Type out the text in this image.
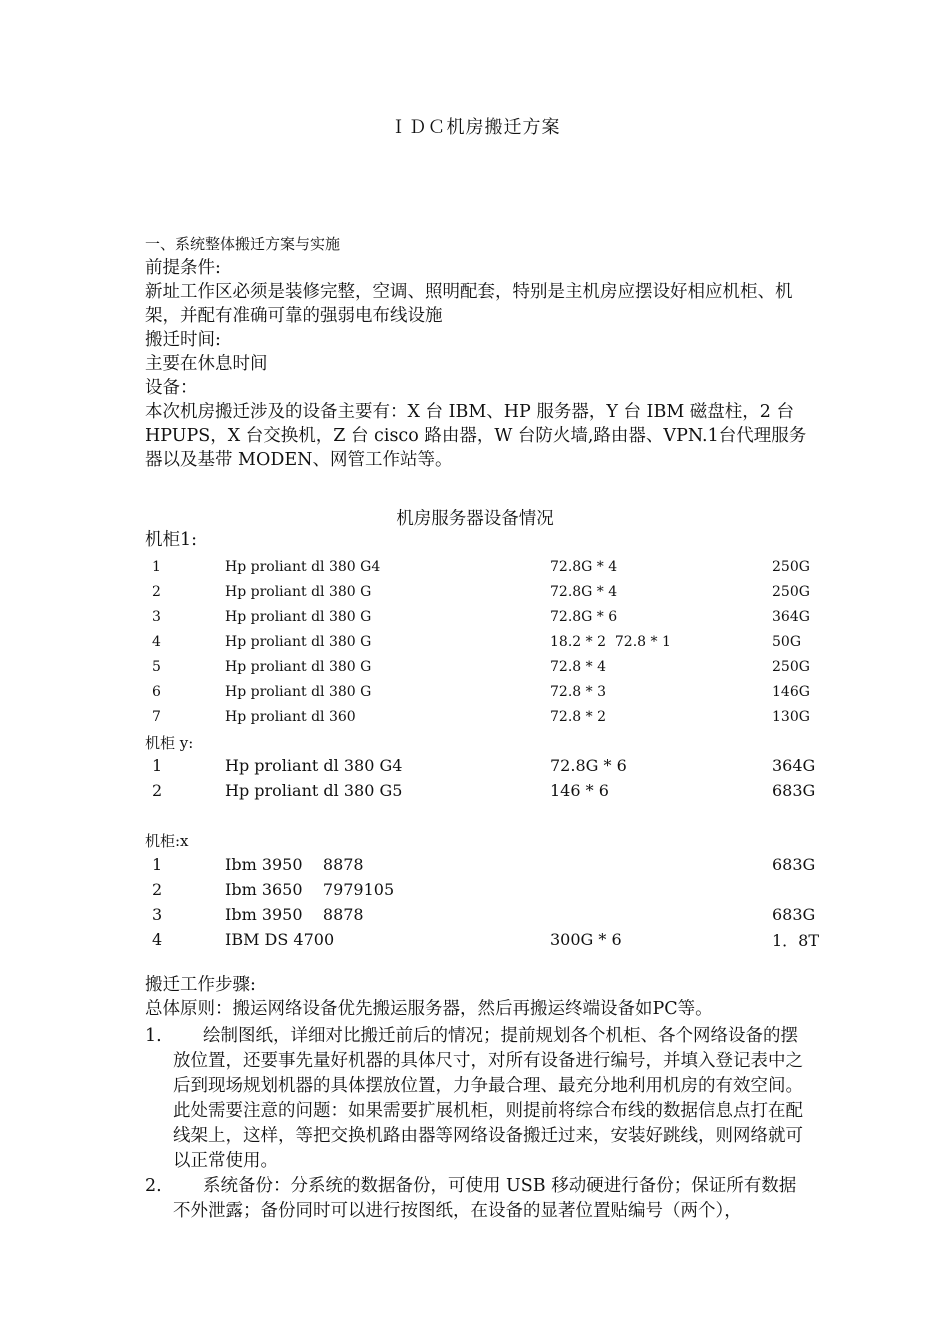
ＩＤＣ机房搬迁方案
一、系统整体搬迁方案与实施
前提条件:
新址工作区必须是装修完整，空调、照明配套，特别是主机房应摆设好相应机柜、机架，并配有准确可靠的强弱电布线设施
搬迁时间:
主要在休息时间
设备：
本次机房搬迁涉及的设备主要有：X 台 IBM、HP 服务器，Y 台 IBM 磁盘柱，2 台 HPUPS，X 台交换机，Z 台 cisco 路由器，W 台防火墙,路由器、VPN.1台代理服务器以及基带 MODEN、网管工作站等。
机房服务器设备情况
机柜1:
1	Hp proliant dl 380 G4	72.8G * 4	250G
2	Hp proliant dl 380 G	72.8G * 4	250G
3	Hp proliant dl 380 G	72.8G * 6	364G
4	Hp proliant dl 380 G	18.2 * 2  72.8 * 1	50G
5	Hp proliant dl 380 G	72.8 * 4	250G
6	Hp proliant dl 380 G	72.8 * 3	146G
7	Hp proliant dl 360	72.8 * 2	130G
机柜 y:
1	Hp proliant dl 380 G4	72.8G * 6	364G
2	Hp proliant dl 380 G5	146 * 6	683G
机柜:x
1	Ibm 3950    8878		683G
2	Ibm 3650    7979105		
3	Ibm 3950    8878		683G
4	IBM DS 4700	300G * 6	1．8T
搬迁工作步骤:
总体原则：搬运网络设备优先搬运服务器，然后再搬运终端设备如PC等。
1.	绘制图纸，详细对比搬迁前后的情况；提前规划各个机柜、各个网络设备的摆放位置，还要事先量好机器的具体尺寸，对所有设备进行编号，并填入登记表中之后到现场规划机器的具体摆放位置，力争最合理、最充分地利用机房的有效空间。此处需要注意的问题：如果需要扩展机柜，则提前将综合布线的数据信息点打在配线架上，这样，等把交换机路由器等网络设备搬迁过来，安装好跳线，则网络就可以正常使用。
2.	系统备份：分系统的数据备份，可使用 USB 移动硬进行备份；保证所有数据不外泄露；备份同时可以进行按图纸，在设备的显著位置贴编号（两个），
